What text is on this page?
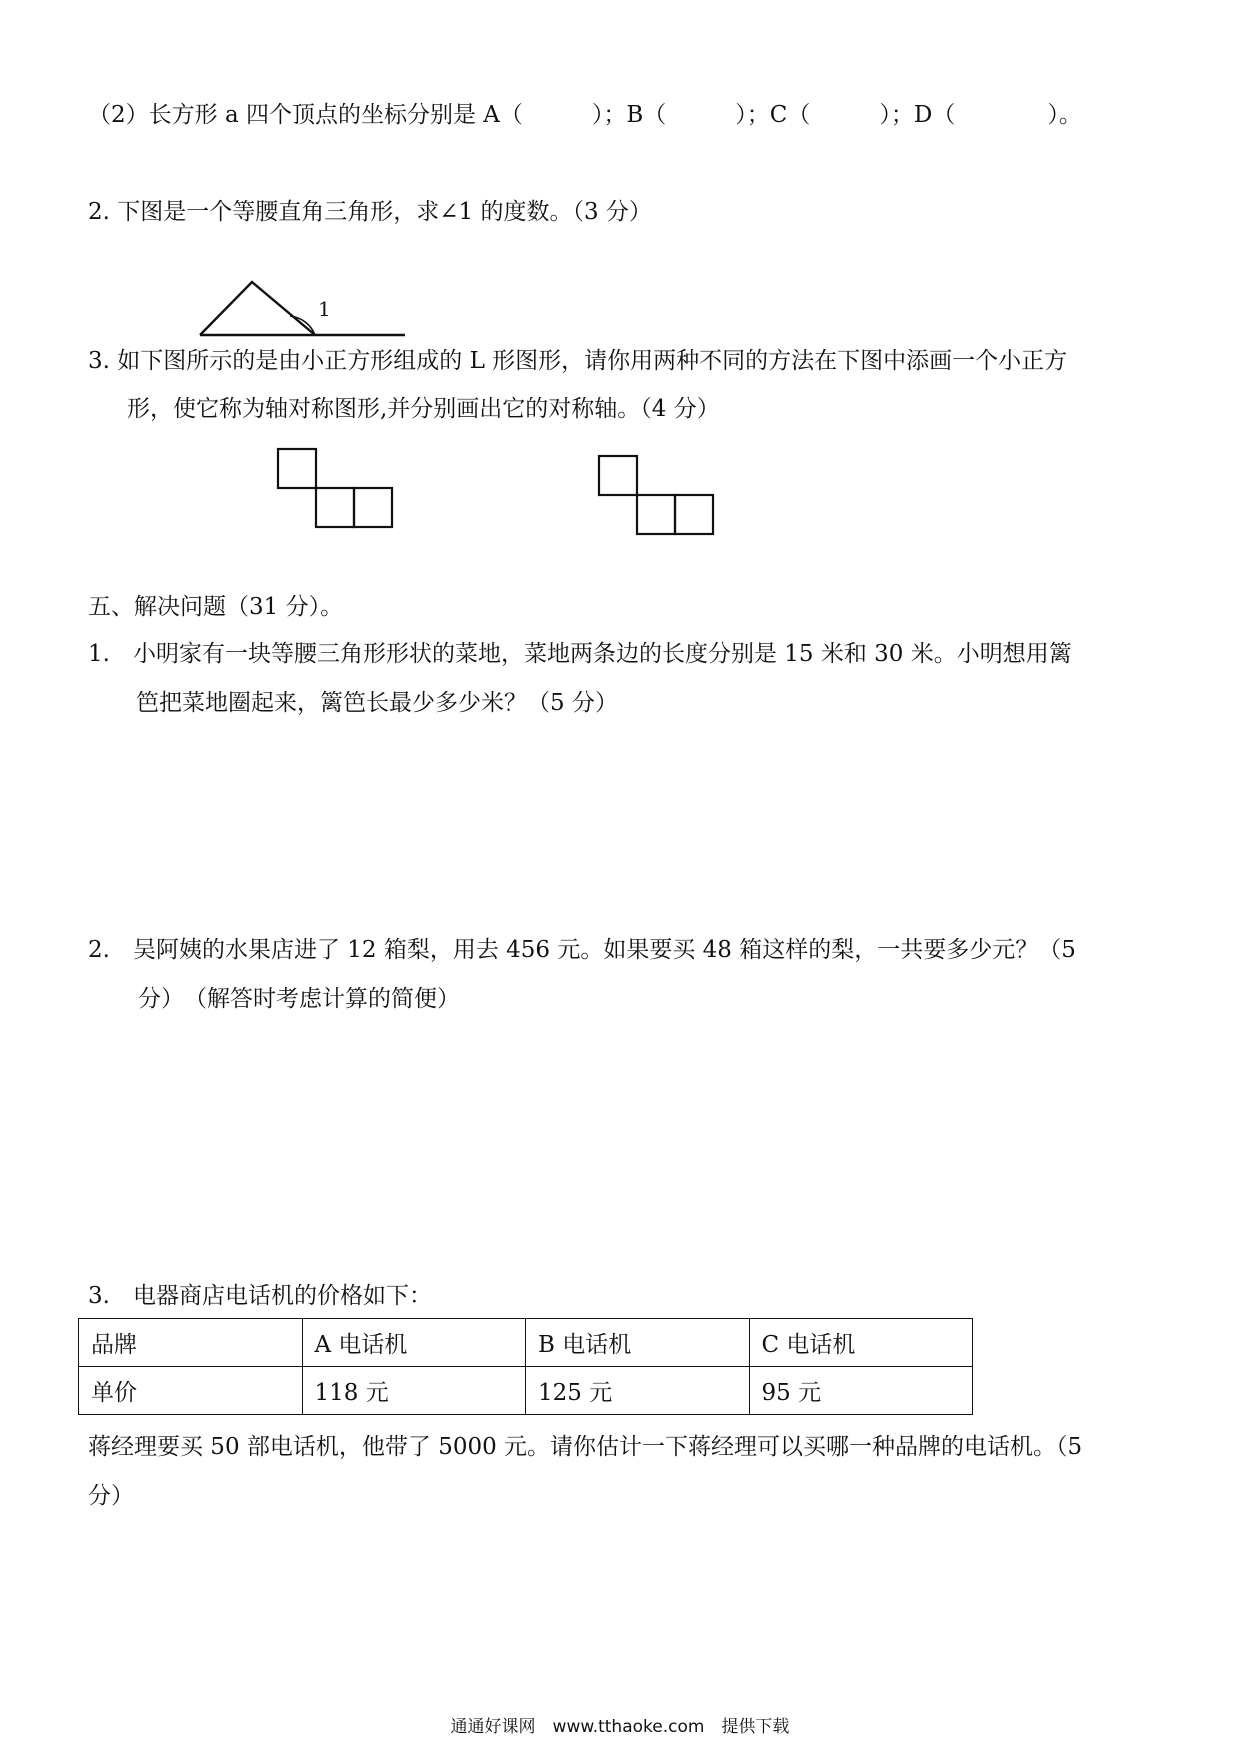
（2）长方形 a 四个顶点的坐标分别是 A（　　　）；B（　　　）；C（　　　）；D（　　　　）。
2. 下图是一个等腰直角三角形，求∠1 的度数。（3 分）
1
3. 如下图所示的是由小正方形组成的 L 形图形，请你用两种不同的方法在下图中添画一个小正方
形，使它称为轴对称图形,并分别画出它的对称轴。（4 分）
五、解决问题（31 分）。
1.　小明家有一块等腰三角形形状的菜地，菜地两条边的长度分别是 15 米和 30 米。小明想用篱
笆把菜地圈起来，篱笆长最少多少米？（5 分）
2.　吴阿姨的水果店进了 12 箱梨，用去 456 元。如果要买 48 箱这样的梨，一共要多少元？（5
分）　（解答时考虑计算的简便）
3.　电器商店电话机的价格如下：
品牌	A 电话机	B 电话机	C 电话机
单价	118 元	125 元	95 元
蒋经理要买 50 部电话机，他带了 5000 元。请你估计一下蒋经理可以买哪一种品牌的电话机。（5
分）
通通好课网　www.tthaoke.com　提供下载
